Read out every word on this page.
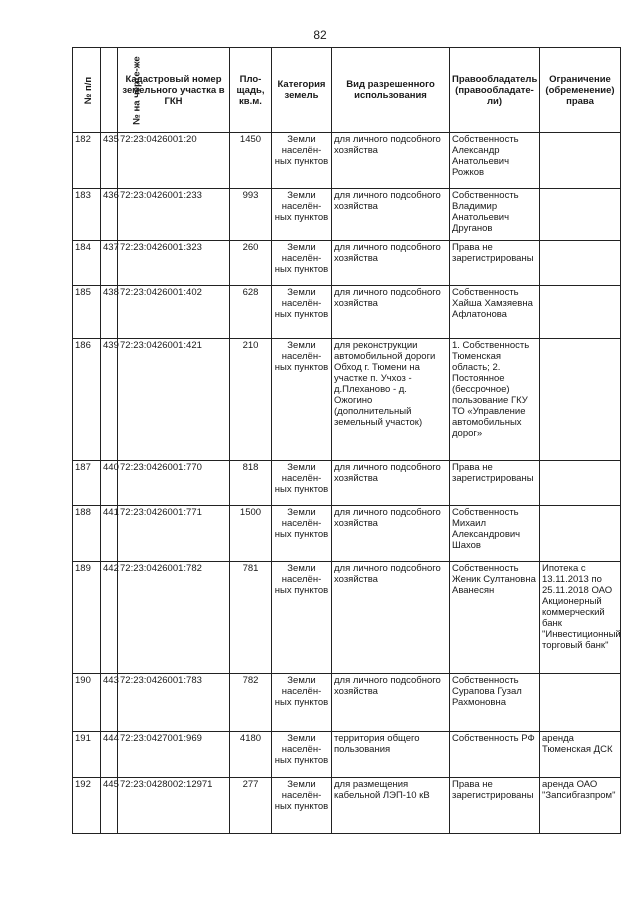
82
№ п/п	№ на черте-же	Кадастровый номер земельного участка в ГКН	Пло-щадь, кв.м.	Категория земель	Вид разрешенного использования	Правообладатель (правообладате-ли)	Ограничение (обременение) права
182	435	72:23:0426001:20	1450	Земли населён-ных пунктов	для личного подсобного хозяйства	Собственность Александр Анатольевич Рожков	
183	436	72:23:0426001:233	993	Земли населён-ных пунктов	для личного подсобного хозяйства	Собственность Владимир Анатольевич Друганов	
184	437	72:23:0426001:323	260	Земли населён-ных пунктов	для личного подсобного хозяйства	Права не зарегистрированы	
185	438	72:23:0426001:402	628	Земли населён-ных пунктов	для личного подсобного хозяйства	Собственность Хайша Хамзяевна Афлатонова	
186	439	72:23:0426001:421	210	Земли населён-ных пунктов	для реконструкции автомобильной дороги Обход г. Тюмени на участке п. Учхоз - д.Плеханово - д. Ожогино (дополнительный земельный участок)	1. Собственность Тюменская область; 2. Постоянное (бессрочное) пользование ГКУ ТО «Управление автомобильных дорог»	
187	440	72:23:0426001:770	818	Земли населён-ных пунктов	для личного подсобного хозяйства	Права не зарегистрированы	
188	441	72:23:0426001:771	1500	Земли населён-ных пунктов	для личного подсобного хозяйства	Собственность Михаил Александрович Шахов	
189	442	72:23:0426001:782	781	Земли населён-ных пунктов	для личного подсобного хозяйства	Собственность Женик Султановна Аванесян	Ипотека с 13.11.2013 по 25.11.2018 ОАО Акционерный коммерческий банк "Инвестиционный торговый банк"
190	443	72:23:0426001:783	782	Земли населён-ных пунктов	для личного подсобного хозяйства	Собственность Сурапова Гузал Рахмоновна	
191	444	72:23:0427001:969	4180	Земли населён-ных пунктов	территория общего пользования	Собственность РФ	аренда Тюменская ДСК
192	445	72:23:0428002:12971	277	Земли населён-ных пунктов	для размещения кабельной ЛЭП-10 кВ	Права не зарегистрированы	аренда ОАО "Запсибгазпром"
